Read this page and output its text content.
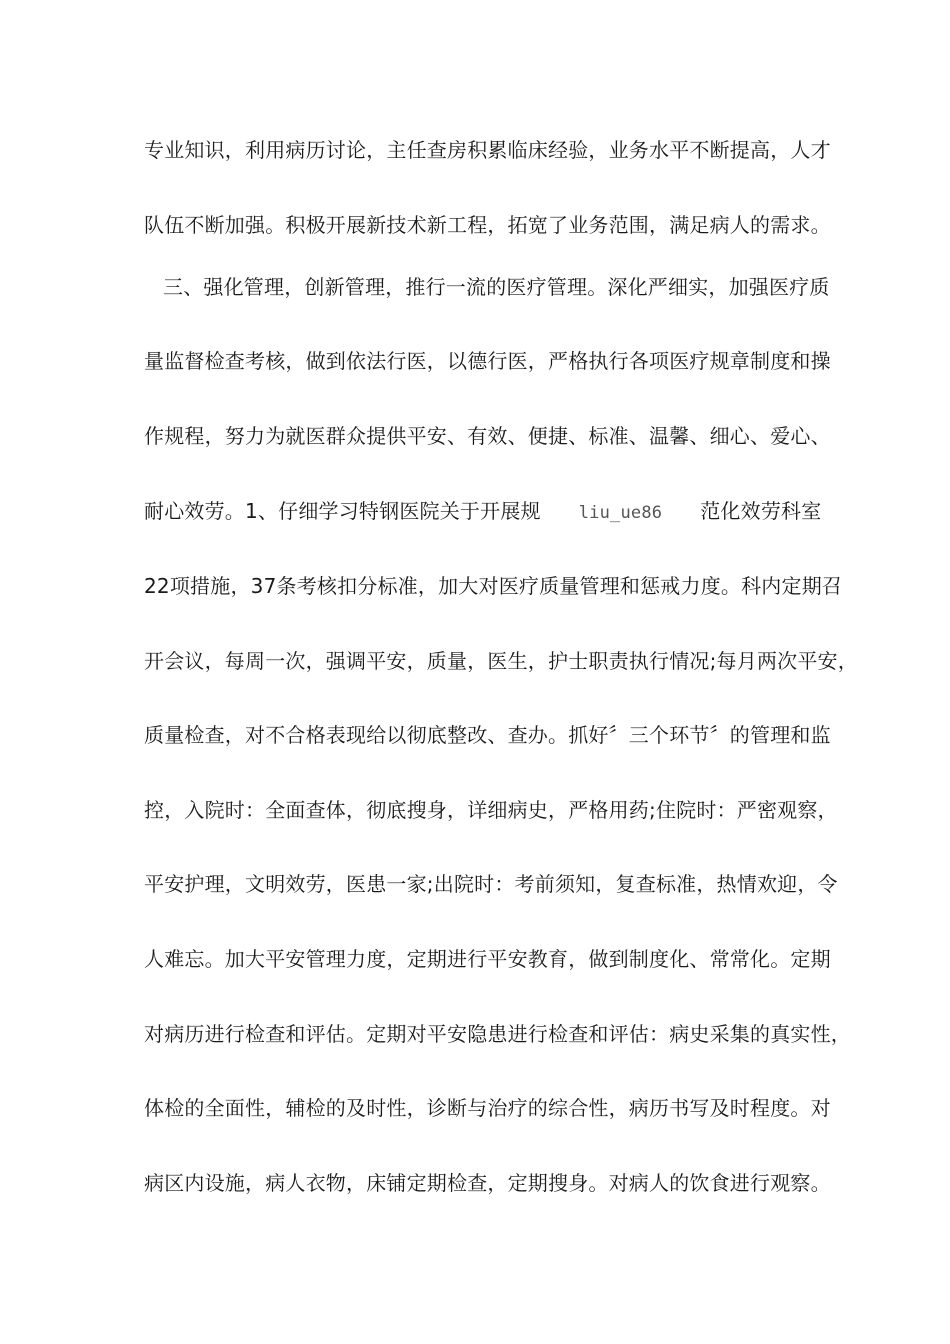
专业知识，利用病历讨论，主任查房积累临床经验，业务水平不断提高，人才
队伍不断加强。积极开展新技术新工程，拓宽了业务范围，满足病人的需求。
三、强化管理，创新管理，推行一流的医疗管理。深化严细实，加强医疗质
量监督检查考核，做到依法行医，以德行医，严格执行各项医疗规章制度和操
作规程，努力为就医群众提供平安、有效、便捷、标准、温馨、细心、爱心、
耐心效劳。1、仔细学习特钢医院关于开展规 liu_ue86 范化效劳科室
22项措施，37条考核扣分标准，加大对医疗质量管理和惩戒力度。科内定期召
开会议，每周一次，强调平安，质量，医生，护士职责执行情况;每月两次平安，
质量检查，对不合格表现给以彻底整改、查办。抓好〞三个环节〞的管理和监
控，入院时：全面查体，彻底搜身，详细病史，严格用药;住院时：严密观察，
平安护理，文明效劳，医患一家;出院时：考前须知，复查标准，热情欢迎，令
人难忘。加大平安管理力度，定期进行平安教育，做到制度化、常常化。定期
对病历进行检查和评估。定期对平安隐患进行检查和评估：病史采集的真实性，
体检的全面性，辅检的及时性，诊断与治疗的综合性，病历书写及时程度。对
病区内设施，病人衣物，床铺定期检查，定期搜身。对病人的饮食进行观察。
